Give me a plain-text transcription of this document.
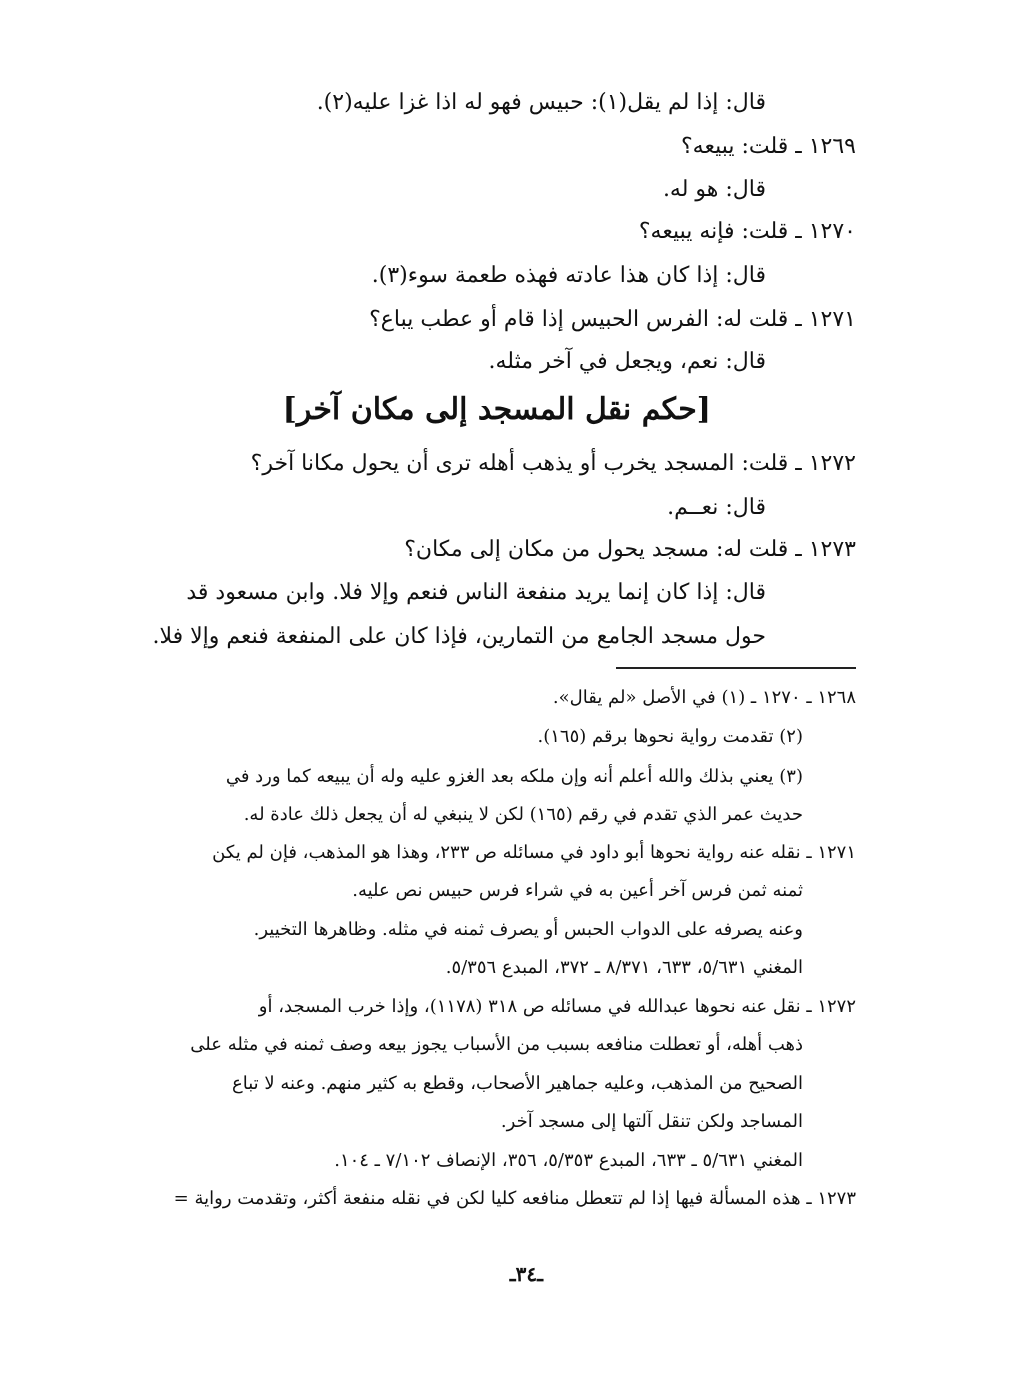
قال: إذا لم يقل(١): حبيس فهو له اذا غزا عليه(٢).
١٢٦٩ ـ قلت: يبيعه؟
قال: هو له.
١٢٧٠ ـ قلت: فإنه يبيعه؟
قال: إذا كان هذا عادته فهذه طعمة سوء(٣).
١٢٧١ ـ قلت له: الفرس الحبيس إذا قام أو عطب يباع؟
قال: نعم، ويجعل في آخر مثله.
[حكم نقل المسجد إلى مكان آخر]
١٢٧٢ ـ قلت: المسجد يخرب أو يذهب أهله ترى أن يحول مكانا آخر؟
قال: نعــم.
١٢٧٣ ـ قلت له: مسجد يحول من مكان إلى مكان؟
قال: إذا كان إنما يريد منفعة الناس فنعم وإلا فلا. وابن مسعود قد
حول مسجد الجامع من التمارين، فإذا كان على المنفعة فنعم وإلا فلا.
١٢٦٨ ـ ١٢٧٠ ـ (١) في الأصل «لم يقال».
(٢) تقدمت رواية نحوها برقم (١٦٥).
(٣) يعني بذلك والله أعلم أنه وإن ملكه بعد الغزو عليه وله أن يبيعه كما ورد في
حديث عمر الذي تقدم في رقم (١٦٥) لكن لا ينبغي له أن يجعل ذلك عادة له.
١٢٧١ ـ نقله عنه رواية نحوها أبو داود في مسائله ص ٢٣٣، وهذا هو المذهب، فإن لم يكن
ثمنه ثمن فرس آخر أعين به في شراء فرس حبيس نص عليه.
وعنه يصرفه على الدواب الحبس أو يصرف ثمنه في مثله. وظاهرها التخيير.
المغني ٥/٦٣١، ٦٣٣، ٨/٣٧١ ـ ٣٧٢، المبدع ٥/٣٥٦.
١٢٧٢ ـ نقل عنه نحوها عبدالله في مسائله ص ٣١٨ (١١٧٨)، وإذا خرب المسجد، أو
ذهب أهله، أو تعطلت منافعه بسبب من الأسباب يجوز بيعه وصف ثمنه في مثله على
الصحيح من المذهب، وعليه جماهير الأصحاب، وقطع به كثير منهم. وعنه لا تباع
المساجد ولكن تنقل آلتها إلى مسجد آخر.
المغني ٥/٦٣١ ـ ٦٣٣، المبدع ٥/٣٥٣، ٣٥٦، الإنصاف ٧/١٠٢ ـ ١٠٤.
١٢٧٣ ـ هذه المسألة فيها إذا لم تتعطل منافعه كليا لكن في نقله منفعة أكثر، وتقدمت رواية =
ـ٣٤ـ
